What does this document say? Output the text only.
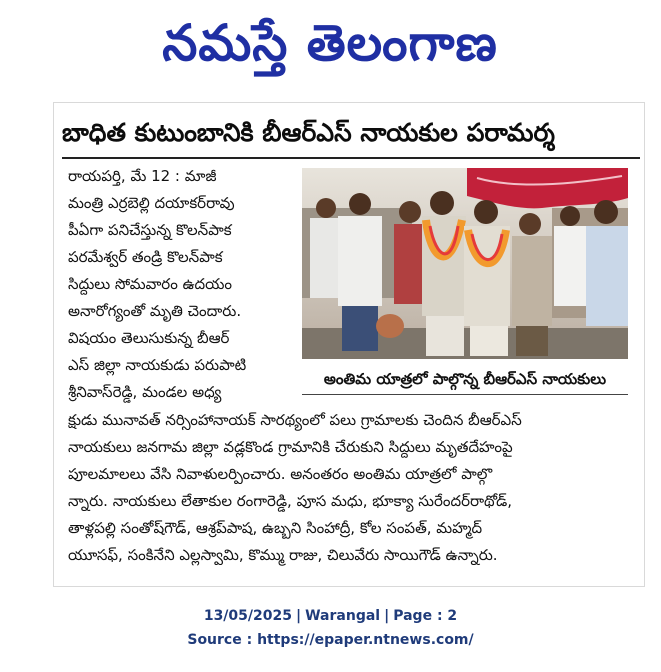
నమస్తే తెలంగాణ
బాధిత కుటుంబానికి బీఆర్‌ఎస్‌ నాయకుల పరామర్శ
రాయపర్తి, మే 12 : మాజీ
మంత్రి ఎర్రబెల్లి దయాకర్‌రావు
పీఏగా పనిచేస్తున్న కొలన్‌పాక
పరమేశ్వర్‌ తండ్రి కొలన్‌పాక
సిద్దులు సోమవారం ఉదయం
అనారోగ్యంతో మృతి చెందారు.
విషయం తెలుసుకున్న బీఆర్‌
ఎస్‌ జిల్లా నాయకుడు పరుపాటి
శ్రీనివాస్‌రెడ్డి, మండల అధ్య
అంతిమ యాత్రలో పాల్గొన్న బీఆర్‌ఎస్‌ నాయకులు
క్షుడు మునావత్‌ నర్సింహానాయక్‌ సారథ్యంలో పలు గ్రామాలకు చెందిన బీఆర్‌ఎస్‌
నాయకులు జనగామ జిల్లా వడ్లకొండ గ్రామానికి చేరుకుని సిద్దులు మృతదేహంపై
పూలమాలలు వేసి నివాళులర్పించారు. అనంతరం అంతిమ యాత్రలో పాల్గొ
న్నారు. నాయకులు లేతాకుల రంగారెడ్డి, పూస మధు, భూక్యా సురేందర్‌రాథోడ్‌,
తాళ్లపల్లి సంతోష్‌గౌడ్‌, ఆశ్రప్‌పాష, ఉబ్బని సింహాద్రీ, కోల సంపత్‌, మహ్మద్‌
యూసఫ్‌, సంకినేని ఎల్లస్వామి, కొమ్ము రాజు, చిలువేరు సాయిగౌడ్‌ ఉన్నారు.
13/05/2025 | Warangal | Page : 2
Source : https://epaper.ntnews.com/
